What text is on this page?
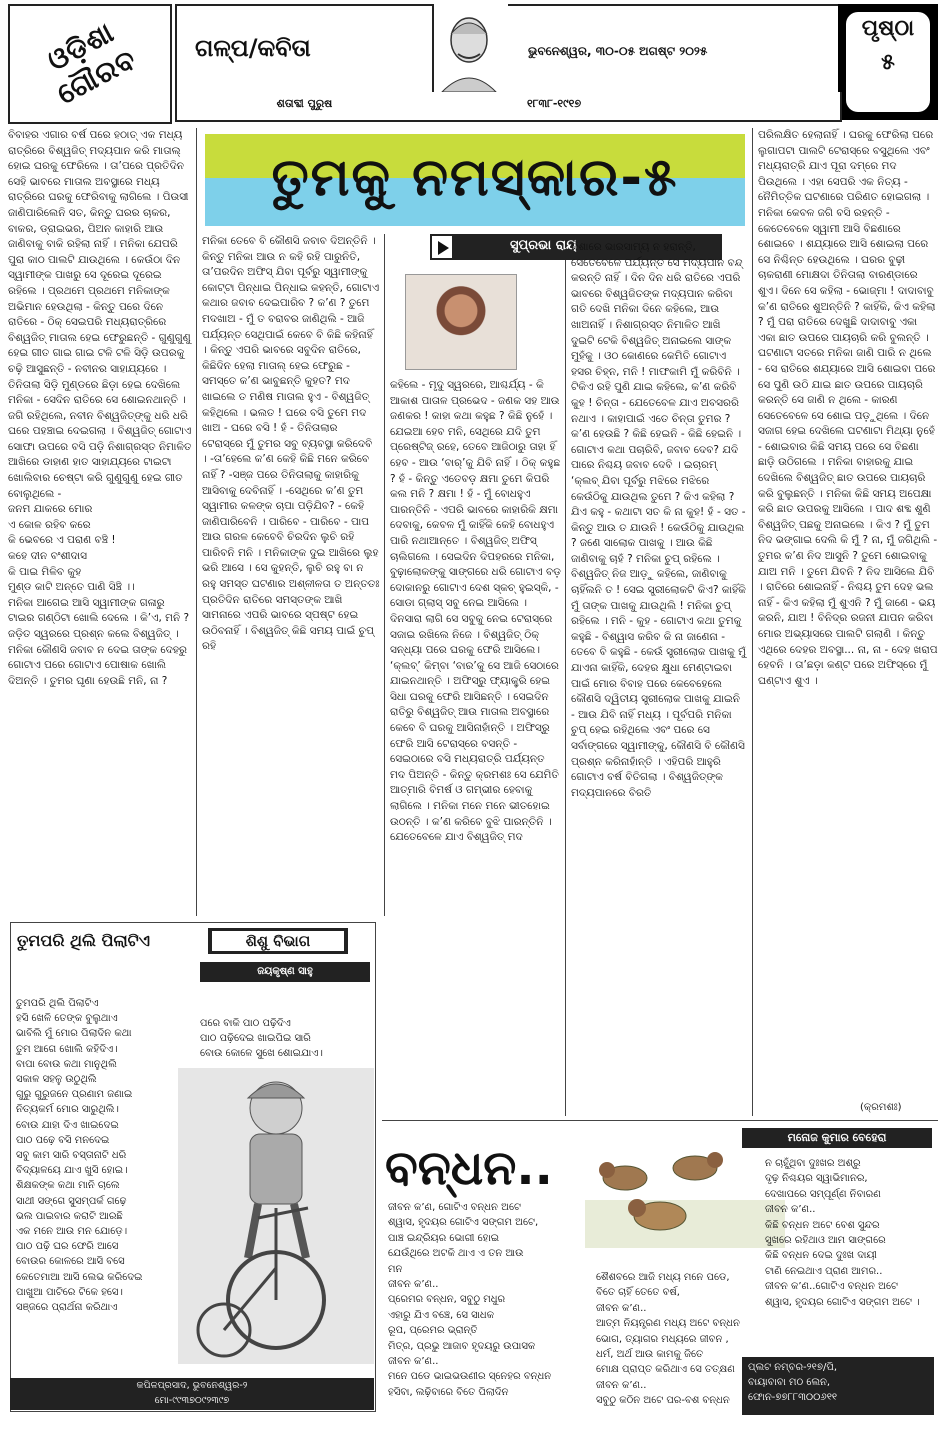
ଓଡ଼ିଶା ଗୌରବ	ଗଳ୍ପ/କବିତା	ଭୁବନେଶ୍ୱର, ୩୦-୦୫ ଅଗଷ୍ଟ ୨୦୨୫
ପୃଷ୍ଠା
୫
ଶତାବ୍ଦୀ ପୁରୁଷ	୧୮୩୮-୧୯୧୭
ତୁମକୁ ନମସ୍କାର-୫
ସୁପ୍ରଭା ରାୟ

ବିବାହର ଏଗାର ବର୍ଷ ପରେ ହଠାତ୍ ଏକ ମଧ୍ୟ ରାତ୍ରିରେ ବିଶ୍ୱଜିତ୍ ମଦ୍ୟପାନ କରି ମାତାଲ୍ ହୋଇ ଘରକୁ ଫେରିଲେ । ତା’ପରେ ପ୍ରତିଦିନ ସେହି ଭାବରେ ମାତାଲ ଅବସ୍ଥାରେ ମଧ୍ୟ ରାତ୍ରିରେ ଘରକୁ ଫେରିବାକୁ ଲାଗିଲେ । ପିଉସୀ ଜାଣିପାରିଲେନି ସତ, କିନ୍ତୁ ଘରର ଚାକର, ବାକର, ଡ୍ରାଇଭର, ପିଅନ କାହାରି ଆଉ ଜାଣିବାକୁ ବାକି ରହିଲା ନାହିଁ । ମନିକା ଯେପରି ପୁରା କାଠ ପାଲଟି ଯାଉଥିଲେ । କେଉଁଠା ଦିନ ସ୍ୱାମୀଙ୍କ ପାଖରୁ ସେ ଦୂରେଇ ଦୂରେଇ ରହିଲେ । ପ୍ରଥମେ ପ୍ରଥମେ ମନିକାଙ୍କ ଅଭିମାନ ହେଉଥିଲା - କିନ୍ତୁ ପରେ ଦିନେ ରାତିରେ - ଠିକ୍ ସେଇପରି ମଧ୍ୟରାତ୍ରିରେ ବିଶ୍ୱଜିତ୍ ମାତାଲ ହେଇ ଫେରୁଛନ୍ତି - ଗୁଣୁଗୁଣୁ ହେଇ ଗୀତ ଗାଇ ଗାଇ ଟଳି ଟଳି ସିଡ଼ି ଉପରକୁ ଚଢ଼ି ଆସୁଛନ୍ତି - ନବୀନର ସାହାଯ୍ୟରେ । ତିନିତାଲା ସିଡ଼ି ମୁଣ୍ଡରେ ଛିଡ଼ା ହେଇ ଦେଖିଲେ ମନିକା - ସେଦିନ ରାତିରେ ସେ ଶୋଇନଥାନ୍ତି । ଜଗି ରହିଥିଲେ, ନବୀନ ବିଶ୍ୱଜିତ୍‌ଙ୍କୁ ଧରି ଧରି ଘରେ ପହଞ୍ଚାଇ ଦେଇଗଲା । ବିଶ୍ୱଜିତ୍ ଗୋଟାଏ ସୋଫା ଉପରେ ବସି ପଡ଼ି ନିଶାଗ୍ରସ୍ତ ନିମାଳିତ ଆଖିରେ ଡାହାଣ ହାତ ସାହାଯ୍ୟରେ ଟାଇଟା ଖୋଲିବାର ଚେଷ୍ଟା କରି ଗୁଣୁଗୁଣୁ ହେଇ ଗୀତ ବୋଲୁଥିଲେ -
ଜନମ ଯାକରେ ମୋର
ଏ କୋଳ ରହିବ କରେ
କି ଭେବରେ ଏ ପରାଣ ବଞ୍ଚି !
କହେ ଦୀନ ବଂଶୀଦାସ
କି ପାଇ ମିଳିବ କୁହ
ମୁଣ୍ଡ କାଟି ଅନ୍ତେ ପାଣି ସିଞ୍ଚି ।।
ମନିକା ଆଗେଇ ଆସି ସ୍ୱାମୀଙ୍କ ଗଳାରୁ ଟାଇର ଗଣ୍ଠିଟା ଖୋଲି ଦେଲେ । କି’ଏ, ମନି ? ଜଡ଼ିତ ସ୍ୱରରେ ପ୍ରଶ୍ନ କଲେ ବିଶ୍ୱଜିତ୍ । ମନିକା କୌଣସି ଜବାବ ନ ଦେଇ ତାଙ୍କ ଦେହରୁ ଗୋଟାଏ ପରେ ଗୋଟାଏ ପୋଷାକ ଖୋଲି ଦିଅନ୍ତି । ତୁମର ଘୃଣା ହେଉଛି ମନି, ନା ?

ମନିକା ତେବେ ବି କୌଣସି ଜବାବ ଦିଅନ୍ତିନି । କିନ୍ତୁ ମନିକା ଆଉ ନ କହି ରହି ପାରୁନିତି, ତା’ପରଦିନ ଅଫିସ୍ ଯିବା ପୂର୍ବରୁ ସ୍ୱାମୀଙ୍କୁ କୋଟ୍‌ଟା ପିନ୍ଧାଇ ପିନ୍ଧାଇ କହନ୍ତି, ଗୋଟାଏ କଥାର ଜବାବ ଦେଇପାରିବ ? କ’ଣ ? ତୁମେ ମଦଖାଅ - ମୁଁ ତ ବରାବର ଜାଣିଥିଲି - ଆଜି ପର୍ଯ୍ୟନ୍ତ ସେଥିପାଇଁ କେବେ ବି କିଛି କହିନାହିଁ । କିନ୍ତୁ ଏପରି ଭାବରେ ସବୁଦିନ ରାତିରେ, କିଛିଦିନ ହେଲା ମାତାଲ୍ ହେଇ ଫେରୁଛ - ସମସ୍ତେ କ’ଣ ଭାବୁଛନ୍ତି କୁହତ? ମଦ ଖାଇଲେ ତ ମଣିଷ ମାତାଲ ହୁଏ - ବିଶ୍ୱଜିତ୍ କହିଥିଲେ । ଭଲତ ! ଘରେ ବସି ତୁମେ ମଦ ଖାଅ - ଘରେ ବସି ! ହଁ - ତିନିତାଲାର ଟେରାସ୍‌ରେ ମୁଁ ତୁମର ସବୁ ବ୍ୟବସ୍ଥା କରିଦେବି । -ତା’ହେଲେ କ’ଣ କେହି କିଛି ମନେ କରିବେ ନାହିଁ ? -ସଞ୍ଜ ପରେ ତିନିତାଲାକୁ କାହାରିକୁ ଆସିବାକୁ ଦେବିନାହିଁ । -ସେଥିରେ କ’ଣ ତୁମ ସ୍ୱାମୀର କଳଙ୍କ ଚାପା ପଡ଼ିଯିବ? - କେହି ଜାଣିପାରିବେନି । ପାରିବେ - ପାରିବେ - ପାପ ଆଉ ଗରଳ କେବେବି ଚିରଦିନ ଲୁଚି ରହି ପାରିବନି ମନି । ମନିକାଙ୍କ ଦୁଇ ଆଖିରେ ଲୁହ ଭରି ଆସେ । ସେ କୁହନ୍ତି, ଲୁଚି ରହୁ ବା ନ ରହୁ ସମସ୍ତ ଘଟଣାର ଅଶ୍ଳୀଳତା ତ ଅନ୍ତତଃ ପ୍ରତିଦିନ ରାତିରେ ସମସ୍ତଙ୍କ ଆଖି ସାମନାରେ ଏପରି ଭାବରେ ସ୍ପଷ୍ଟ ହେଇ ଉଠିବନାହିଁ । ବିଶ୍ୱଜିତ୍ କିଛି ସମୟ ପାଇଁ ଚୁପ୍ ରହି

କହିଲେ - ମୃଦୁ ସ୍ୱରରେ, ଆଶ୍ଚର୍ଯ୍ୟ - କି ଆକାଶ ପାତାଳ ପ୍ରଭେଦ - ଜଣକ ସହ ଆଉ ଜଣକର ! କାହା କଥା କହୁଛ ? କିଛି ନୁହେଁ । ଯେଇଆ ହେବ ମନି, ସେଥିରେ ଯଦି ତୁମ ପ୍ରେଷ୍ଟିଜ୍ ରହେ, ତେବେ ଆଜିଠାରୁ ତାହା ହିଁ ହେବ - ଆଉ ‘ବାର୍’କୁ ଯିବି ନାହିଁ । ଠିକ୍ କହୁଛ ? ହଁ - କିନ୍ତୁ ଏତେବଡ଼ କ୍ଷମା ତୁମେ କିପରି କଲ ମନି ? କ୍ଷମା ! ହଁ - ମୁଁ ବୋଧହୁଏ ପାରନ୍ତିନି - ଏପରି ଭାବରେ କାହାରିକି କ୍ଷମା ଦେବାକୁ, କେବଳ ମୁଁ କାହିଁକି କେହି ବୋଧହୁଏ ପାରି ନଥାଆନ୍ତେ । ବିଶ୍ୱଜିତ୍ ଅଫିସ୍ ଚାଲିଗଲେ । ସେଇଦିନ ଦିପହରରେ ମନିକା, ବୁଢ଼ାଲୋକଙ୍କୁ ସାଙ୍ଗରେ ଧରି ଗୋଟାଏ ବଡ଼ ଦୋକାନରୁ ଗୋଟାଏ ଦେଶ ସ୍କଚ୍ ହୁଇସ୍କି, - ସୋଡା ଗ୍ଲାସ୍ ସବୁ ନେଇ ଆସିଲେ । ଦିନସାରା ଲାଗି ସେ ସବୁକୁ ନେଇ ଟେରାସ୍‌ରେ ସଜାଇ ରଖିଲେ ନିଜେ । ବିଶ୍ୱଜିତ୍ ଠିକ୍ ସନ୍ଧ୍ୟା ପରେ ଘରକୁ ଫେରି ଆସିଲେ। ‘କ୍ଲବ୍’ କିମ୍ବା ‘ବାର’କୁ ସେ ଆଜି ସେଠାରେ ଯାଇନଥାନ୍ତି । ଅଫିସ୍‌ରୁ ଫ୍ୟାକ୍ଟ୍ରି ହେଇ ସିଧା ଘରକୁ ଫେରି ଆସିଛନ୍ତି । ସେଇଦିନ ରାତିରୁ ବିଶ୍ୱଜିତ୍ ଆଉ ମାତାଲ ଅବସ୍ଥାରେ କେବେ ବି ଘରକୁ ଆସିନାହାଁନ୍ତି । ଅଫିସ୍‌ରୁ ଫେରି ଆସି ଟେରାସ୍‌ରେ ବସନ୍ତି - ସେଇଠାରେ ବସି ମଧ୍ୟରାତ୍ରି ପର୍ଯ୍ୟନ୍ତ ମଦ ପିଅନ୍ତି - କିନ୍ତୁ କ୍ରମଶଃ ସେ ଯେମିତି ଆତ୍ମାରି ବିମର୍ଷ ଓ ଗମ୍ଭୀର ହେବାକୁ ଲାଗିଲେ । ମନିକା ମନେ ମନେ ଭୀତହୋଇ ଉଠନ୍ତି । କ’ଣ କରିବେ ବୁଝି ପାରନ୍ତିନି । ଯେତେବେଳେ ଯାଏ ବିଶ୍ୱଜିତ୍ ମଦ

ନିଶାରେ ଭାରସାମ୍ୟ ନ ହରାନ୍ତି, ସେତେବେଳେ ପର୍ଯ୍ୟନ୍ତ ସେ ମଦ୍ୟପାନ ବନ୍ଦ୍ କରନ୍ତି ନାହିଁ । ଦିନ ଦିନ ଧରି ରାତିରେ ଏପରି ଭାବରେ ବିଶ୍ୱଜିତଙ୍କ ମଦ୍ୟପାନ କରିବା ଗତି ଦେଖି ମନିକା ଦିନେ କହିଲେ, ଆଉ ଖାଅନାହିଁ । ନିଶାଗ୍ରସ୍ତ ନିମାଳିତ ଆଖି ଦୁଇଟି ଟେକି ବିଶ୍ୱଜିତ୍ ଅନାଇଲେ ସାଙ୍କ ମୁହଁକୁ । ଓଠ କୋଣରେ କେମିତି ଗୋଟାଏ ହସର ଚିହ୍ନ, ମନି ! ମାଫକାମି ମୁଁ କରିବିନି । ଟିକିଏ ରହି ପୁଣି ଯାଇ କହିଲେ, କ’ଣ କରିବି କୁହ ! ଚିନ୍ତା - ଯେତେବେଳ ଯାଏ ଅବସରରି ନଥାଏ । କାହାପାଇଁ ଏତେ ଚିନ୍ତା ତୁମର ? କ’ଣ ହେଉଛି ? କିଛି ହେଇନି - କିଛି ହେଇନି । ଗୋଟାଏ କଥା ପଚାରିବି, ଜବାବ ଦେବ? ଯଦି ପାରେ ନିଶ୍ଚୟ ଜବାବ ଦେବି । ଇଚାରମ୍ ‘କ୍ଲବ୍ ଯିବା ପୂର୍ବରୁ ମଝିରେ ମଝିରେ କେଉଁଠିକୁ ଯାଉଥିଲ ତୁମେ ? କିଏ କହିଲା ? ଯିଏ କହୁ - କଥାଟା ସତ କି ନା କୁହ! ହଁ - ସତ - କିନ୍ତୁ ଆଉ ତ ଯାଉନି ! କେଉଁଠିକୁ ଯାଉଥିଲ ? ଜଣେ ସାଲୋକ ପାଖକୁ । ଆଉ କିଛି ଜାଣିବାକୁ ଚାହଁ ? ମନିକା ଚୁପ୍ ରହିଲେ । ବିଶ୍ୱଜିତ୍ ନିଜ ଆଡ଼ୁ କହିଲେ, ଜାଣିବାକୁ ଚାହିଁଲନି ତ ! ସେଇ ସ୍ତ୍ରୀଲୋକଟି କିଏ? କାହିଁକି ମୁଁ ତାଙ୍କ ପାଖକୁ ଯାଉଥିଲି ! ମନିକା ଚୁପ୍ ରହିଲେ । ମନି - କୁହ - ଗୋଟାଏ କଥା ତୁମକୁ କହୁଛି - ବିଶ୍ୱାସ କରିବ କି ନା ଜାଣେନା - ତେବେ ବି କହୁଛି - କେଉଁ ସ୍ତ୍ରୀଲୋକ ପାଖକୁ ମୁଁ ଯାଏନା କାହିଁକି, ଦେହର କ୍ଷୁଧା ମେଣ୍ଟାଇବା ପାଇଁ ମୋର ବିବାହ ପରେ କେବେହେଲେ କୌଣସି ଦ୍ୱିତୀୟ ସ୍ତ୍ରୀଲୋକ ପାଖକୁ ଯାଇନି - ଆଉ ଯିବି ନାହିଁ ମଧ୍ୟ । ପୂର୍ବପରି ମନିକା ଚୁପ୍ ହେଇ ରହିଥିଲେ ଏବଂ ପରେ ସେ ସର୍ବାଙ୍ଗରେ ସ୍ୱାମୀଙ୍କୁ, କୌଣସି ବି କୌଣସି ପ୍ରଶ୍ନ କରିନାହାଁନ୍ତି । ଏହିପରି ଆହୁରି ଗୋଟାଏ ବର୍ଷ ବିତିଗଲା । ବିଶ୍ୱଜିତ୍‌ଙ୍କ ମଦ୍ୟପାନରେ ବିରତି

ପରିଲକ୍ଷିତ ହେଲାନାହିଁ । ଘରକୁ ଫେରିଲା ପରେ ଲୁଗାପଟା ପାଲଟି ଟେରାସ୍‌ରେ ବସୁଥିଲେ ଏବଂ ମଧ୍ୟରାତ୍ରି ଯାଏ ପୂରା ଦମ୍‌ରେ ମଦ ପିଉଥିଲେ । ଏହା ସେପରି ଏକ ନିତ୍ୟ - ନୈମିତ୍ତିକ ଘଟଣାରେ ପରିଣତ ହୋଇଗଲା । ମନିକା କେବଳ ଜଗି ବସି ରହନ୍ତି - କେତେବେଳେ ସ୍ୱାମୀ ଆସି ବିଛଣାରେ ଶୋଇବେ । ଶଯ୍ୟାରେ ଆସି ଶୋଇଲା ପରେ ସେ ନିଶ୍ଚିନ୍ତ ହେଉଥିଲେ । ଘରର ବୁଢ଼ୀ ଚାକରାଣୀ ମୋକ୍ଷଦା ତିନିତାଲା ବାରଣ୍ଡାରେ ଶୁଏ। ଦିନେ ସେ କହିଲା - ଭୋଜ୍ମା ! ଦାଦାବାବୁ କ’ଣ ରାତିରେ ଶୁଅନ୍ତିନି ? କାହିଁକି, କିଏ କହିଲା ? ମୁଁ ପରା ରାତିରେ ଦେଖୁଛି ଦାଦାବାବୁ ଏକା ଏକା ଛାତ ଉପରେ ପାୟଚାରି କରି ବୁଲନ୍ତି । ଘଟଣାଟା ସତରେ ମନିକା ଜାଣି ପାରି ନ ଥିଲେ - ସେ ରାତିରେ ଶଯ୍ୟାରେ ଆସି ଶୋଇବା ପରେ ସେ ପୁଣି ଉଠି ଯାଇ ଛାତ ଉପରେ ପାୟଚାରି କରନ୍ତି ସେ ଜାଣି ନ ଥିଲେ - କାରଣ ସେତେବେଳେ ସେ ଶୋଇ ପଡ଼ୁଥିଲେ । ଦିନେ ସଜାଗ ହେଇ ଦେଖିଲେ ଘଟଣାଟା ମିଥ୍ୟା ନୁହେଁ - ଶୋଇବାର କିଛି ସମୟ ପରେ ସେ ବିଛଣା ଛାଡ଼ି ଉଠିଗଲେ । ମନିକା ବାହାରକୁ ଯାଇ ଦେଖିଲେ ବିଶ୍ୱଜିତ୍ ଛାତ ଉପରେ ପାୟଚାରି କରି ବୁଲୁଛନ୍ତି । ମନିକା କିଛି ସମୟ ଅପେକ୍ଷା କରି ଛାତ ଉପରକୁ ଆସିଲେ । ପାଦ ଶବ୍ଦ ଶୁଣି ବିଶ୍ୱଜିତ୍ ପଛକୁ ଅନାଇଲେ । କିଏ ? ମୁଁ ତୁମ ନିଦ ଭଙ୍ଗାଇ ଦେଲି କି ମୁଁ ? ନା, ମୁଁ ଜଗିଥିଲି - ତୁମର କ’ଣ ନିଦ ଆସୁନି ? ତୁମେ ଶୋଇବାକୁ ଯାଅ ମନି । ତୁମେ ଯିବନି ? ନିଦ ଆସିଲେ ଯିବି । ରାତିରେ ଶୋଇନାହିଁ - ନିଶ୍ଚୟ ତୁମ ଦେହ ଭଲ ନାହିଁ - କିଏ କହିଲା ମୁଁ ଶୁଏନି ? ମୁଁ ଜାଣେ - ଭୟ କରନି, ଯାଅ ! ବିନିଦ୍ର ରଜନୀ ଯାପନ କରିବା ମୋର ଅଭ୍ୟାସରେ ପାଲଟି ଗଲାଣି । କିନ୍ତୁ ଏଥିରେ ଦେହର ଅବସ୍ଥା... ନା, ନା - ଦେହ ଖରାପ ହେବନି । ତା’ଛଡ଼ା କଣ୍ଟ ପରେ ଅଫିସ୍‌ରେ ମୁଁ ଘଣ୍ଟାଏ ଶୁଏ ।

(କ୍ରମଶଃ)
ତୁମପରି ଥିଲି ପିଲାଟିଏ	ଶିଶୁ ବିଭାଗ
ଜୟକୃଷ୍ଣ ସାହୁ

ତୁମପରି ଥିଲି ପିଲାଟିଏ
ହସି ଖେଳି ତେଙ୍କ ବୁଲୁଥାଏ
ଭାବିଲି ମୁଁ ମୋର ପିଲାଦିନ କଥା
ତୁମ ଆଗେ ଖୋଲି କହିଦିଏ।
ବାପା ବୋଉ କଥା ମାନୁଥିଲି
ସକାଳ ସହଳୁ ଉଠୁଥିଲି
ଗୁରୁ ଗୁରୁଜନେ ପ୍ରଣାମ ଜଣାଇ
ନିତ୍ୟକର୍ମ ମୋର ସାରୁଥିଲି।
ବୋଉ ଯାହା ଦିଏ ଖାଇଦେଇ
ପାଠ ପଢ଼େ ବସି ମନଦେଇ
ସବୁ କାମ ସାରି ବସ୍ତାନାଟି ଧରି
ବିଦ୍ୟାଳୟେ ଯାଏ ଖୁସି ହୋଇ।
ଶିକ୍ଷକଙ୍କ କଥା ମାନି ଚାଲେ
ସାଥୀ ସଙ୍ଗେ ସୁସମ୍ପର୍କ ଗଢ଼େ
ଭଲ ପାଇବାର କରାଟି ଆରଛି
ଏକ ମନେ ଆଉ ମନ ଯୋଡ଼େ।
ପାଠ ପଢ଼ି ଘର ଫେରି ଆସେ
ବୋଉର କୋଳରେ ଆସି ବସେ
କେତେମାଆ ଆସି ଲେଭ କରିଦେଇ
ପାଖୁଆ ପାଟିରେ ଟିକେ ହସେ।
ସଞ୍ଜରେ ପ୍ରାର୍ଥନା କରିଥାଏ

ପରେ ବାକି ପାଠ ପଢ଼ିଦିଏ
ପାଠ ପଢ଼ିଦେଇ ଖାଇପିଇ ସାରି
ବୋଉ କୋଳେ ସୁଖେ ଶୋଇଯାଏ।

କପିଳପ୍ରସାଦ, ଭୁବନେଶ୍ୱର-୨
ମୋ-୯୯୩୭୦୯୨୩୯୭
ବନ୍ଧନ..
ମନୋଜ କୁମାର ବେହେରା

ଜୀବନ କ’ଣ, ଗୋଟିଏ ବନ୍ଧନ ଅଟେ
ଶ୍ୱାସ, ହୃଦୟର ଗୋଟିଏ ସଙ୍ଗମ ଅଟେ,
ପାଞ୍ଚ ଇନ୍ଦ୍ରିୟର ଭୋଗୀ ହୋଇ
ଯେଉଁଥିରେ ଅଟକି ଥାଏ ଏ ତନ ଆଉ
ମନ
ଜୀବନ କ’ଣ..
ପ୍ରେମର ବନ୍ଧନ, ସବୁଠୁ ମଧୁର
ଏହାରୁ ଯିଏ ବଞ୍ଚେ, ସେ ସାଧକ
ରୂପ, ପ୍ରେମର ଭ୍ରାନ୍ତି
ମିତ୍ର, ପ୍ରଭୁ ଆଜାବ ହୃଦୟରୁ ଉପାସକ
ଜୀବନ କ’ଣ..
ମନେ ପଡେ ଭାଇଭଉଣୀର ସ୍ନେହର ବନ୍ଧନ
ହସିବା, ଲଢ଼ିବାରେ ବିତେ ପିଲାଦିନ

ଶୈଶବରେ ଆଜି ମଧ୍ୟ ମନେ ପଡେ,
ବିତେ ଚାହିଁ ତେତେ ବର୍ଷ,
ଜୀବନ କ’ଣ..
ଆତ୍ମ ନିୟନ୍ତ୍ରଣ ମଧ୍ୟ ଅଟେ ବନ୍ଧନ
ଭୋଗ, ତ୍ୟାଗର ମଧ୍ୟରେ ଜୀବନ ,
ଧର୍ମ, ଅର୍ଥ ଆଉ କାମକୁ ଜିତେ
ମୋକ୍ଷ ପ୍ରାପ୍ତ କରିଥାଏ ସେ ତତ୍‌କ୍ଷଣ
ଜୀବନ କ’ଣ..
ସବୁଠୁ କଠିନ ଅଟେ ପର-ବଶ ବନ୍ଧନ

ନ ଚାହୁଁଥିବା ଦୁଃଖର ଅଶ୍ରୁ
ଦୃଢ଼ ନିଶ୍ଚୟର ସ୍ୱାଭିମାନର,
ଦେଖାପରେ ସମ୍ପୂର୍ଣ୍ଣ ନିବାରଣ
ଜୀବନ କ’ଣ..
କିଛି ବନ୍ଧନ ଅଟେ ବେଶ ସୁନ୍ଦର
ସୁଖରେ ରହିଥାଓ ଆମ ସାଙ୍ଗରେ
କିଛି ବନ୍ଧନ ଦେଇ ଦୁଃଖ ଦାୟୀ
ଟାଣି ନେଇଥାଏ ପ୍ରାଣ ଆମର..
ଜୀବନ କ’ଣ..ଗୋଟିଏ ବନ୍ଧନ ଅଟେ
ଶ୍ୱାସ, ହୃଦୟର ଗୋଟିଏ ସଙ୍ଗମ ଅଟେ ।

ପ୍ଲଟ ନମ୍ବର-୨୧୭/ପି,
ବାୟାବାବା ମଠ ଲେନ,
ଫୋନ-୭୭୮୮୩୦୦୬୧୧
